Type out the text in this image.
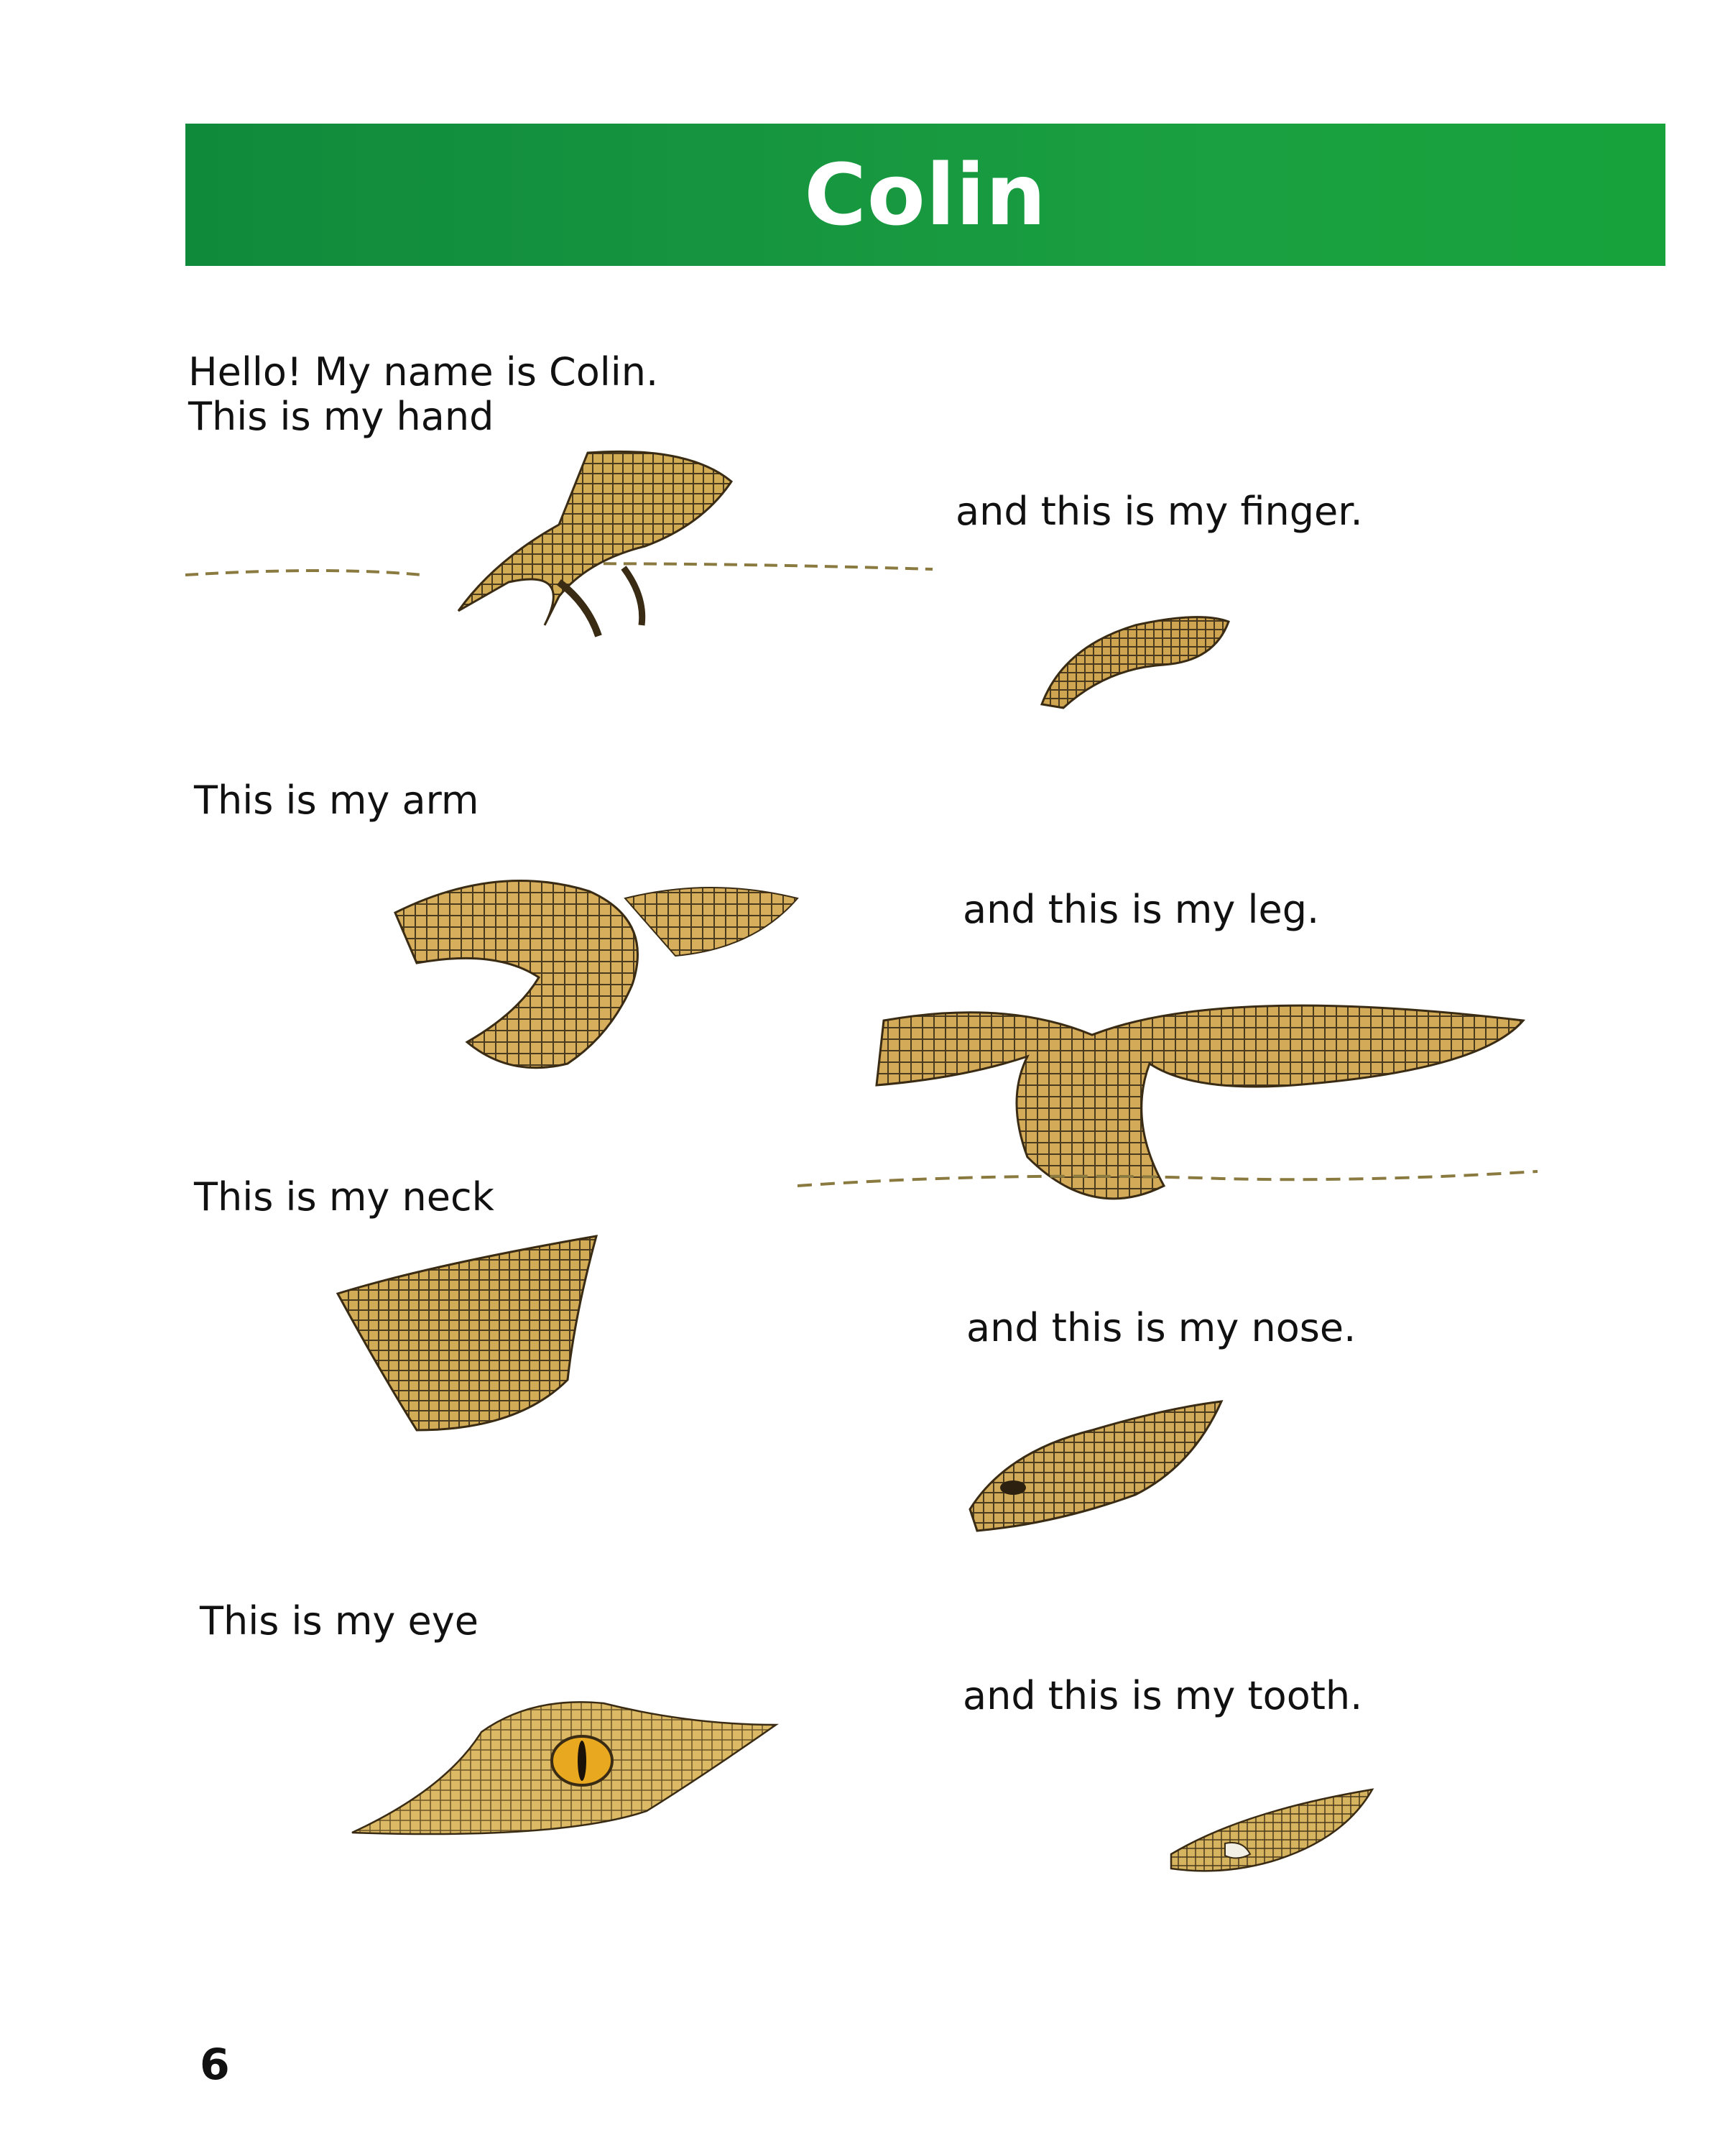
Colin
Hello! My name is Colin.
This is my hand
and this is my finger.
This is my arm
and this is my leg.
This is my neck
and this is my nose.
This is my eye
and this is my tooth.
6
